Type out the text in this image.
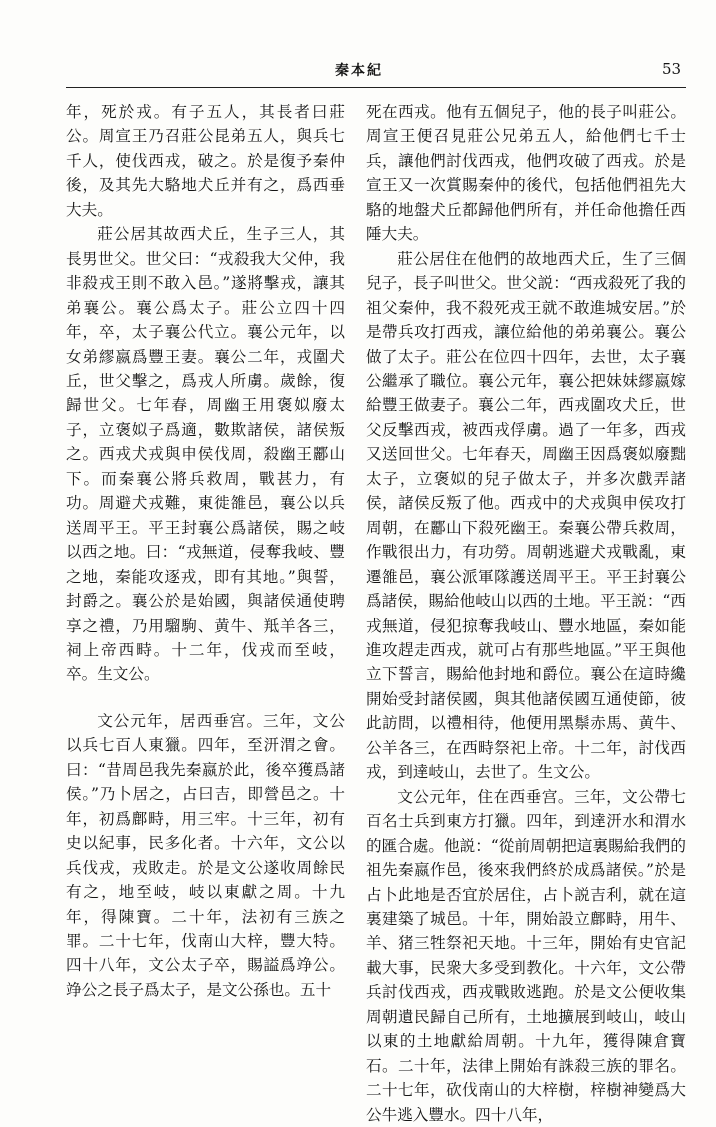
秦本紀	53

年，死於戎。有子五人，其長者曰莊公。周宣王乃召莊公昆弟五人，與兵七千人，使伐西戎，破之。於是復予秦仲後，及其先大駱地犬丘并有之，爲西垂大夫。

莊公居其故西犬丘，生子三人，其長男世父。世父曰：“戎殺我大父仲，我非殺戎王則不敢入邑。”遂將擊戎，讓其弟襄公。襄公爲太子。莊公立四十四年，卒，太子襄公代立。襄公元年，以女弟繆嬴爲豐王妻。襄公二年，戎圍犬丘，世父擊之，爲戎人所虜。歲餘，復歸世父。七年春，周幽王用褒姒廢太子，立褒姒子爲適，數欺諸侯，諸侯叛之。西戎犬戎與申侯伐周，殺幽王酈山下。而秦襄公將兵救周，戰甚力，有功。周避犬戎難，東徙雒邑，襄公以兵送周平王。平王封襄公爲諸侯，賜之岐以西之地。曰：“戎無道，侵奪我岐、豐之地，秦能攻逐戎，即有其地。”與誓，封爵之。襄公於是始國，與諸侯通使聘享之禮，乃用騮駒、黄牛、羝羊各三，祠上帝西畤。十二年，伐戎而至岐，卒。生文公。

文公元年，居西垂宫。三年，文公以兵七百人東獵。四年，至汧渭之會。曰：“昔周邑我先秦嬴於此，後卒獲爲諸侯。”乃卜居之，占曰吉，即營邑之。十年，初爲鄜畤，用三牢。十三年，初有史以紀事，民多化者。十六年，文公以兵伐戎，戎敗走。於是文公遂收周餘民有之，地至岐，岐以東獻之周。十九年，得陳寶。二十年，法初有三族之罪。二十七年，伐南山大梓，豐大特。四十八年，文公太子卒，賜謚爲竫公。竫公之長子爲太子，是文公孫也。五十

死在西戎。他有五個兒子，他的長子叫莊公。周宣王便召見莊公兄弟五人，給他們七千士兵，讓他們討伐西戎，他們攻破了西戎。於是宣王又一次賞賜秦仲的後代，包括他們祖先大駱的地盤犬丘都歸他們所有，并任命他擔任西陲大夫。

莊公居住在他們的故地西犬丘，生了三個兒子，長子叫世父。世父説：“西戎殺死了我的祖父秦仲，我不殺死戎王就不敢進城安居。”於是帶兵攻打西戎，讓位給他的弟弟襄公。襄公做了太子。莊公在位四十四年，去世，太子襄公繼承了職位。襄公元年，襄公把妹妹繆嬴嫁給豐王做妻子。襄公二年，西戎圍攻犬丘，世父反擊西戎，被西戎俘虜。過了一年多，西戎又送回世父。七年春天，周幽王因爲褒姒廢黜太子，立褒姒的兒子做太子，并多次戲弄諸侯，諸侯反叛了他。西戎中的犬戎與申侯攻打周朝，在酈山下殺死幽王。秦襄公帶兵救周，作戰很出力，有功勞。周朝逃避犬戎戰亂，東遷雒邑，襄公派軍隊護送周平王。平王封襄公爲諸侯，賜給他岐山以西的土地。平王説：“西戎無道，侵犯掠奪我岐山、豐水地區，秦如能進攻趕走西戎，就可占有那些地區。”平王與他立下誓言，賜給他封地和爵位。襄公在這時纔開始受封諸侯國，與其他諸侯國互通使節，彼此訪問，以禮相待，他便用黑鬃赤馬、黄牛、公羊各三，在西畤祭祀上帝。十二年，討伐西戎，到達岐山，去世了。生文公。

文公元年，住在西垂宫。三年，文公帶七百名士兵到東方打獵。四年，到達汧水和渭水的匯合處。他説：“從前周朝把這裏賜給我們的祖先秦嬴作邑，後來我們終於成爲諸侯。”於是占卜此地是否宜於居住，占卜説吉利，就在這裏建築了城邑。十年，開始設立鄜畤，用牛、羊、猪三牲祭祀天地。十三年，開始有史官記載大事，民衆大多受到教化。十六年，文公帶兵討伐西戎，西戎戰敗逃跑。於是文公便收集周朝遺民歸自己所有，土地擴展到岐山，岐山以東的土地獻給周朝。十九年，獲得陳倉寶石。二十年，法律上開始有誅殺三族的罪名。二十七年，砍伐南山的大梓樹，梓樹神變爲大公牛逃入豐水。四十八年，
